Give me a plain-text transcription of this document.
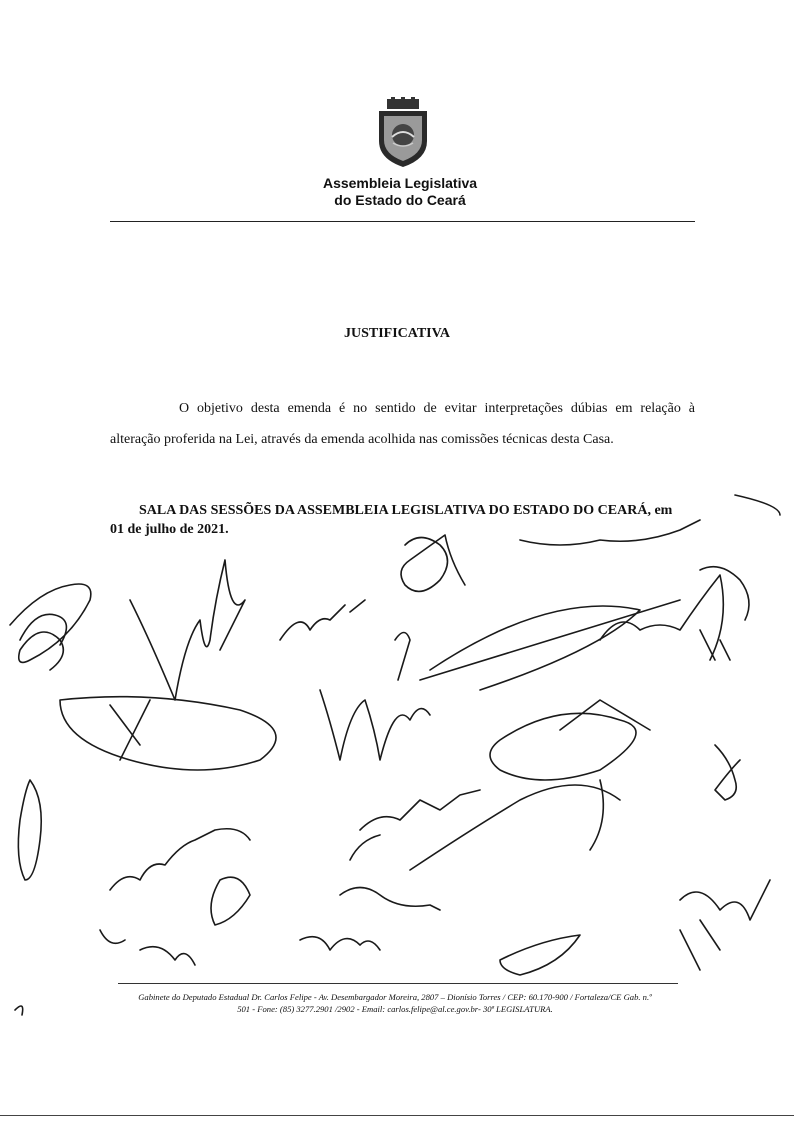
Assembleia Legislativa
do Estado do Ceará
JUSTIFICATIVA
O objetivo desta emenda é no sentido de evitar interpretações dúbias em relação à
alteração proferida na Lei, através da emenda acolhida nas comissões técnicas desta Casa.
SALA DAS SESSÕES DA ASSEMBLEIA LEGISLATIVA DO ESTADO DO CEARÁ, em
01 de julho de 2021.
Gabinete do Deputado Estadual Dr. Carlos Felipe - Av. Desembargador Moreira, 2807 – Dionísio Torres / CEP: 60.170-900 / Fortaleza/CE Gab. n.º
501 - Fone: (85) 3277.2901 /2902 - Email: carlos.felipe@al.ce.gov.br- 30ª LEGISLATURA.
